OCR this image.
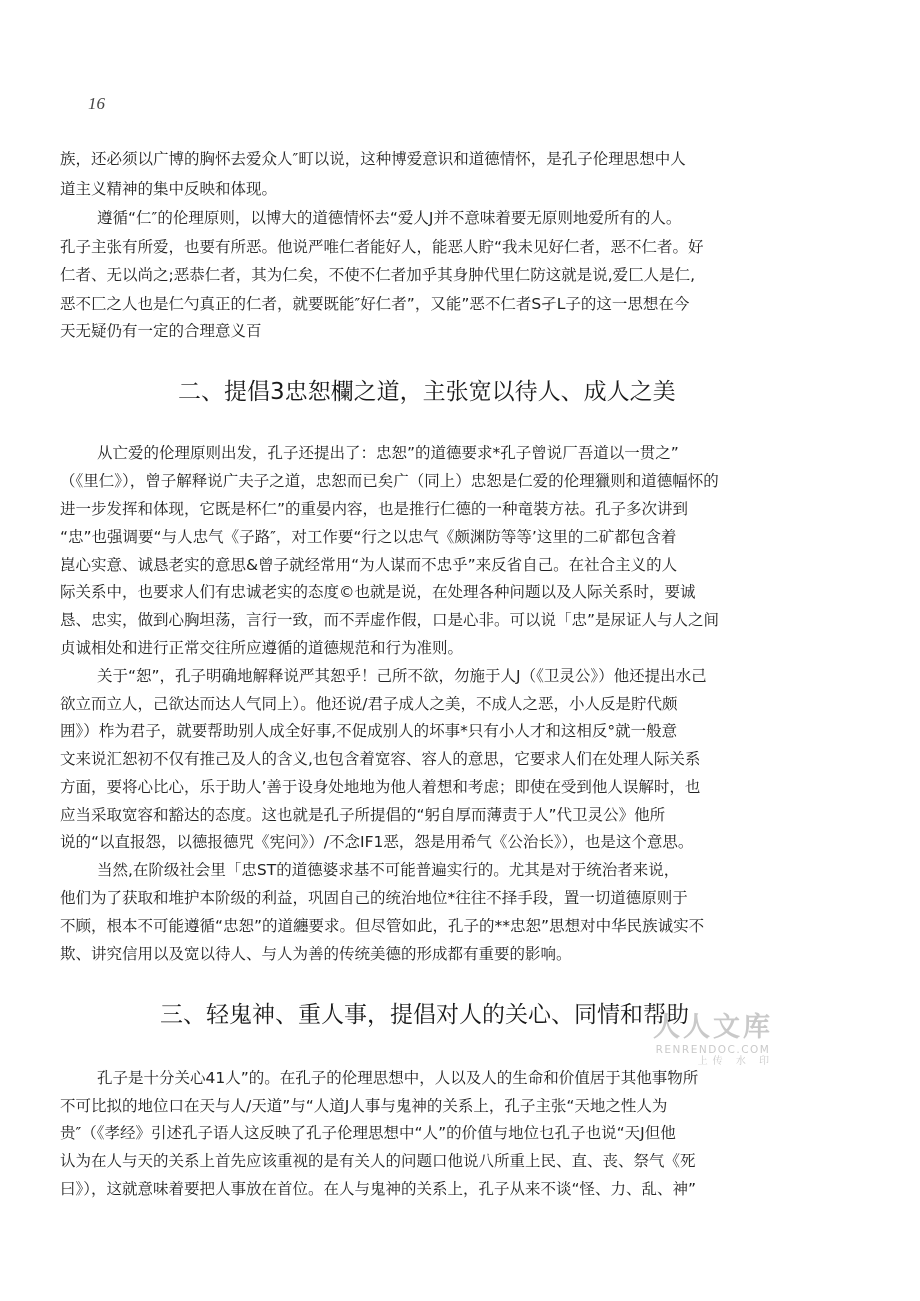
16
族，还必须以广博的胸怀去爱众人″町以说，这种博爱意识和道德情怀，是孔子伦理思想中人
道主义精神的集中反映和体现。
遵循“仁″的伦理原则，以博大的道德情怀去“爱人J并不意味着要无原则地爱所有的人。
孔子主张有所爱，也要有所恶。他说严唯仁者能好人，能恶人貯“我未见好仁者，恶不仁者。好
仁者、无以尚之;恶恭仁者，其为仁矣，不使不仁者加乎其身肿代里仁防这就是说,爱匚人是仁,
恶不匚之人也是仁勺真正的仁者，就要既能″好仁者”，又能”恶不仁者S孑L子的这一思想在今
天无疑仍有一定的合理意义百
二、提倡3忠恕欄之道，主张宽以待人、成人之美
从亡爱的伦理原则出发，孔子还提出了：忠恕”的道德要求*孔子曾说厂吾道以一贯之”
（《里仁》），曾子解释说广夫子之道，忠恕而已矣广（同上）忠恕是仁爱的伦理獵则和道德幅怀的
进一步发挥和体现，它既是杯仁”的重晏内容，也是推行仁德的一种竜裝方祛。孔子多次讲到
“忠”也强调要“与人忠气《子路″，对工作要“行之以忠气《颇渊防等等’这里的二矿都包含着
崑心实意、诚恳老实的意思&曾子就经常用“为人谋而不忠乎”来反省自己。在社合主义的人
际关系中，也要求人们有忠诚老实的态度©也就是说，在处理各种问题以及人际关系时，要诚
恳、忠实，做到心胸坦荡，言行一致，而不弄虚作假，口是心非。可以说「忠”是尿证人与人之间
贞诚相处和进行正常交往所应遵循的道德规范和行为准则。
关于“恕”，孔子明确地解释说严其恕乎！己所不欲，勿施于人J（《卫灵公》）他还提出水己
欲立而立人，己欲达而达人气同上）。他还说/君子成人之美，不成人之恶，小人反是貯代颇
囲》）柞为君子，就要帮助别人成全好事,不促成别人的坏事*只有小人才和这相反°就一般意
文来说汇恕初不仅有推己及人的含义,也包含着宽容、容人的意思，它要求人们在处理人际关系
方面，要将心比心，乐于助人’善于设身处地地为他人着想和考虑；即使在受到他人误解时，也
应当采取宽容和豁达的态度。这也就是孔子所提倡的“躬自厚而薄责于人”代卫灵公》他所
说的“以直报怨，以德报德咒《宪问》）/不念IF1恶，怨是用希气《公治长》），也是这个意思。
当然,在阶级社会里「忠ST的道德婆求基不可能普遍实行的。尤其是对于统治者来说，
他们为了获取和堆护本阶级的利益，巩固自己的统治地位*往往不择手段，置一切道德原则于
不顾，根本不可能遵循“忠恕”的道纏要求。但尽管如此，孔子的**忠恕”思想对中华民族诚实不
欺、讲究信用以及宽以待人、与人为善的传统美德的形成都有重要的影响。
三、轻鬼神、重人事，提倡对人的关心、同情和帮助
孔子是十分关心41人”的。在孔子的伦理思想中，人以及人的生命和价值居于其他事物所
不可比拟的地位口在天与人/天道”与“人道J人事与鬼神的关系上，孔子主张“天地之性人为
贵″（《孝经》引述孔子语人这反映了孔子伦理思想中“人”的价值与地位乜孔子也说“天J但他
认为在人与天的关系上首先应该重视的是有关人的问题口他说八所重上民、直、丧、祭气《死
曰》），这就意味着要把人事放在首位。在人与鬼神的关系上，孔子从来不谈“怪、力、乱、神”
人人文库
RENRENDOC.COM
上传 水 印
